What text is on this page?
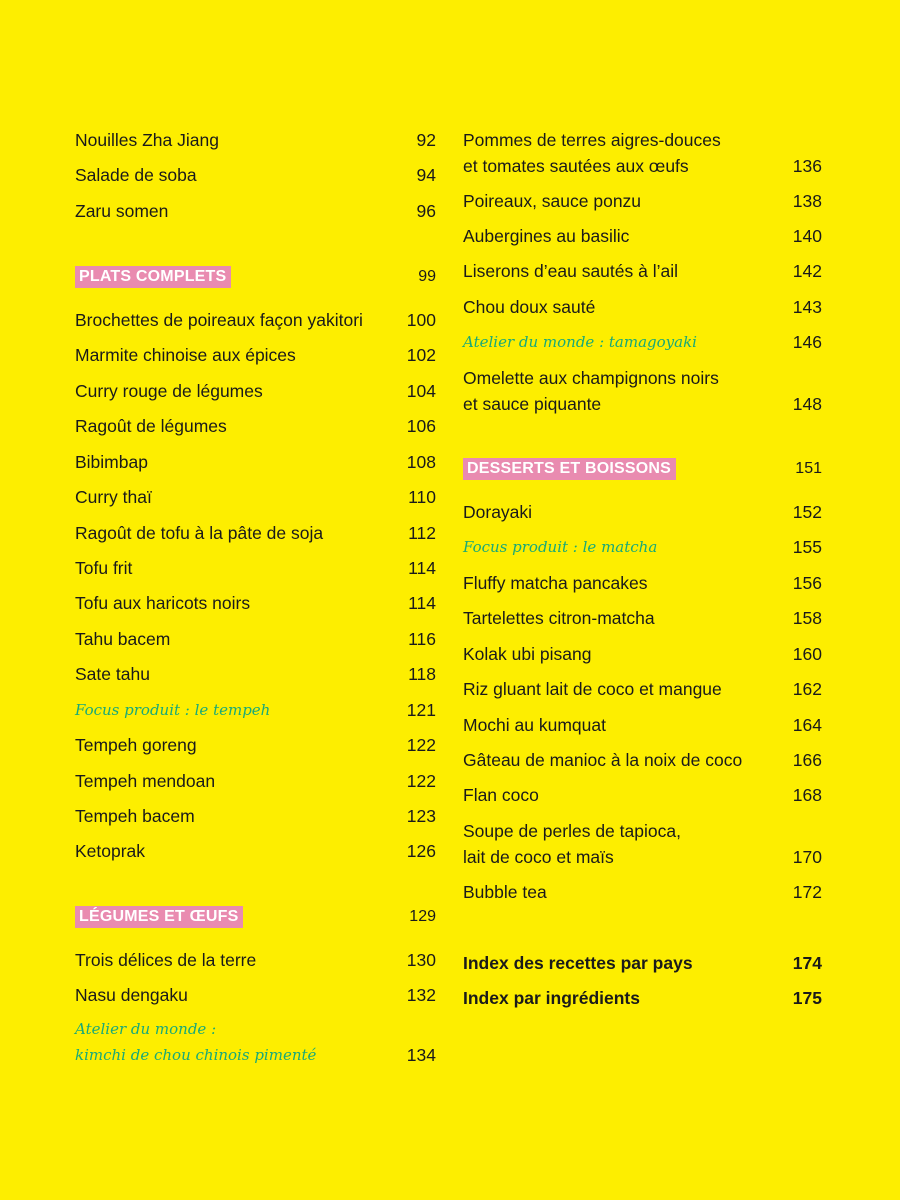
Nouilles Zha Jiang	92
Salade de soba	94
Zaru somen	96
PLATS COMPLETS	99
Brochettes de poireaux façon yakitori	100
Marmite chinoise aux épices	102
Curry rouge de légumes	104
Ragoût de légumes	106
Bibimbap	108
Curry thaï	110
Ragoût de tofu à la pâte de soja	112
Tofu frit	114
Tofu aux haricots noirs	114
Tahu bacem	116
Sate tahu	118
Focus produit : le tempeh	121
Tempeh goreng	122
Tempeh mendoan	122
Tempeh bacem	123
Ketoprak	126
LÉGUMES ET ŒUFS	129
Trois délices de la terre	130
Nasu dengaku	132
Atelier du monde :
kimchi de chou chinois pimenté	134
Pommes de terres aigres-douces
et tomates sautées aux œufs	136
Poireaux, sauce ponzu	138
Aubergines au basilic	140
Liserons d’eau sautés à l’ail	142
Chou doux sauté	143
Atelier du monde : tamagoyaki	146
Omelette aux champignons noirs
et sauce piquante	148
DESSERTS ET BOISSONS	151
Dorayaki	152
Focus produit : le matcha	155
Fluffy matcha pancakes	156
Tartelettes citron-matcha	158
Kolak ubi pisang	160
Riz gluant lait de coco et mangue	162
Mochi au kumquat	164
Gâteau de manioc à la noix de coco	166
Flan coco	168
Soupe de perles de tapioca,
lait de coco et maïs	170
Bubble tea	172
Index des recettes par pays	174
Index par ingrédients	175
